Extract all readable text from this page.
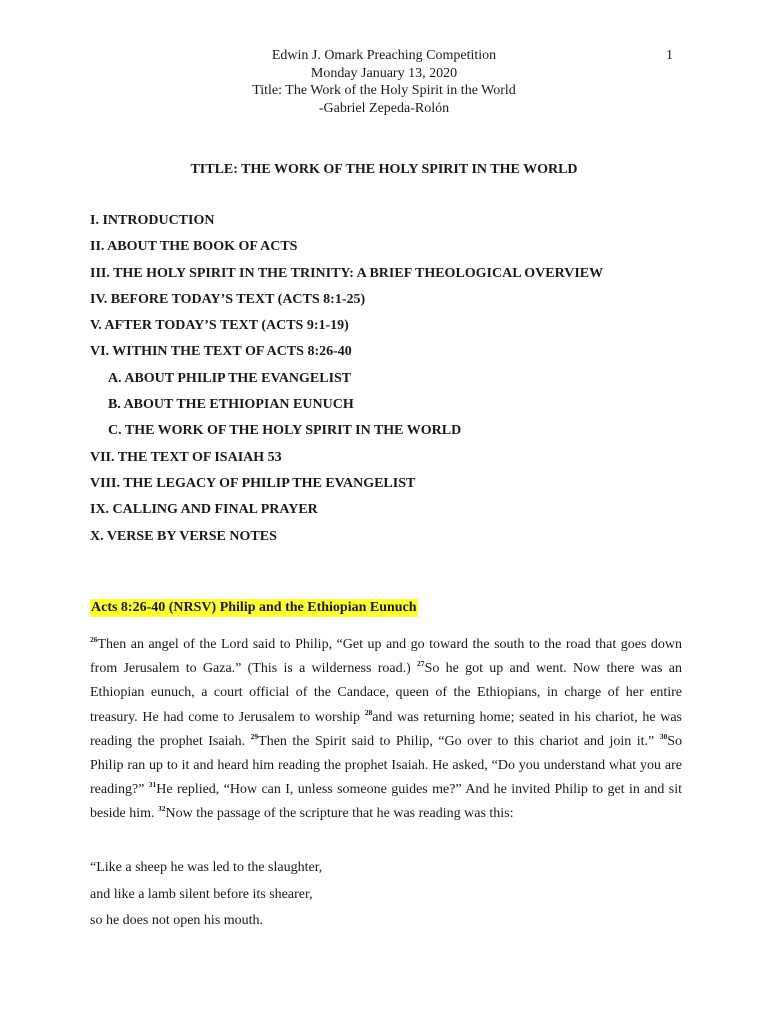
1
Edwin J. Omark Preaching Competition
Monday January 13, 2020
Title: The Work of the Holy Spirit in the World
-Gabriel Zepeda-Rolón
TITLE: THE WORK OF THE HOLY SPIRIT IN THE WORLD
I. INTRODUCTION
II. ABOUT THE BOOK OF ACTS
III. THE HOLY SPIRIT IN THE TRINITY: A BRIEF THEOLOGICAL OVERVIEW
IV. BEFORE TODAY’S TEXT (ACTS 8:1-25)
V. AFTER TODAY’S TEXT (ACTS 9:1-19)
VI. WITHIN THE TEXT OF ACTS 8:26-40
A. ABOUT PHILIP THE EVANGELIST
B. ABOUT THE ETHIOPIAN EUNUCH
C. THE WORK OF THE HOLY SPIRIT IN THE WORLD
VII. THE TEXT OF ISAIAH 53
VIII. THE LEGACY OF PHILIP THE EVANGELIST
IX. CALLING AND FINAL PRAYER
X. VERSE BY VERSE NOTES
Acts 8:26-40 (NRSV) Philip and the Ethiopian Eunuch

$^{26}$Then an angel of the Lord said to Philip, “Get up and go toward the south to the road that goes down from Jerusalem to Gaza.” (This is a wilderness road.) $^{27}$So he got up and went. Now there was an Ethiopian eunuch, a court official of the Candace, queen of the Ethiopians, in charge of her entire treasury. He had come to Jerusalem to worship $^{28}$and was returning home; seated in his chariot, he was reading the prophet Isaiah. $^{29}$Then the Spirit said to Philip, “Go over to this chariot and join it.” $^{30}$So Philip ran up to it and heard him reading the prophet Isaiah. He asked, “Do you understand what you are reading?” $^{31}$He replied, “How can I, unless someone guides me?” And he invited Philip to get in and sit beside him. $^{32}$Now the passage of the scripture that he was reading was this:

“Like a sheep he was led to the slaughter,
and like a lamb silent before its shearer,
so he does not open his mouth.
